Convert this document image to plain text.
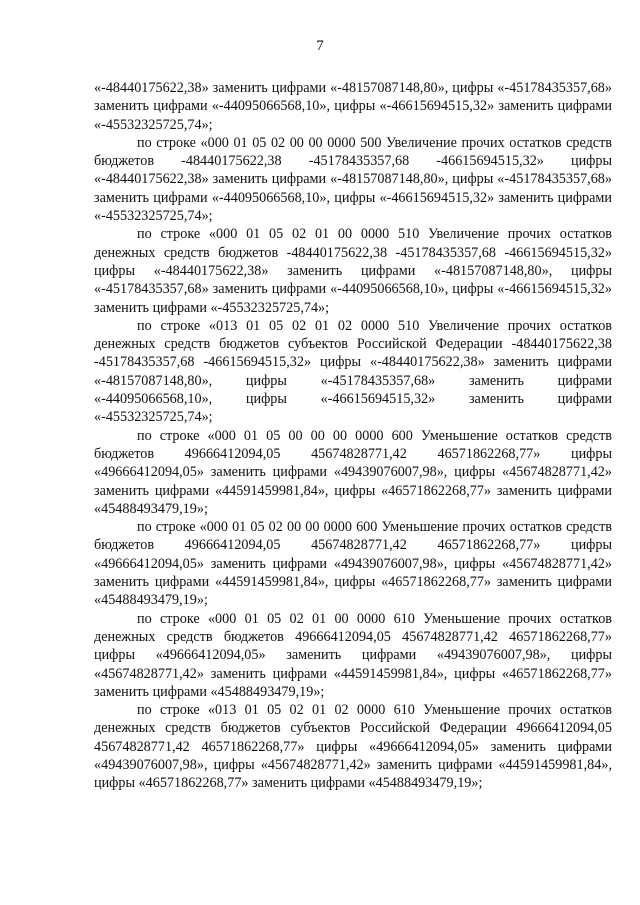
7

«-48440175622,38» заменить цифрами «-48157087148,80», цифры «-45178435357,68» заменить цифрами «-44095066568,10», цифры «-46615694515,32» заменить цифрами «-45532325725,74»;

по строке «000 01 05 02 00 00 0000 500 Увеличение прочих остатков средств бюджетов -48440175622,38 -45178435357,68 -46615694515,32» цифры «-48440175622,38» заменить цифрами «-48157087148,80», цифры «-45178435357,68» заменить цифрами «-44095066568,10», цифры «-46615694515,32» заменить цифрами «-45532325725,74»;

по строке «000 01 05 02 01 00 0000 510 Увеличение прочих остатков денежных средств бюджетов -48440175622,38 -45178435357,68 -46615694515,32» цифры «-48440175622,38» заменить цифрами «-48157087148,80», цифры «-45178435357,68» заменить цифрами «-44095066568,10», цифры «-46615694515,32» заменить цифрами «-45532325725,74»;

по строке «013 01 05 02 01 02 0000 510 Увеличение прочих остатков денежных средств бюджетов субъектов Российской Федерации -48440175622,38 -45178435357,68 -46615694515,32» цифры «-48440175622,38» заменить цифрами «-48157087148,80», цифры «-45178435357,68» заменить цифрами «-44095066568,10», цифры «-46615694515,32» заменить цифрами «-45532325725,74»;

по строке «000 01 05 00 00 00 0000 600 Уменьшение остатков средств бюджетов 49666412094,05 45674828771,42 46571862268,77» цифры «49666412094,05» заменить цифрами «49439076007,98», цифры «45674828771,42» заменить цифрами «44591459981,84», цифры «46571862268,77» заменить цифрами «45488493479,19»;

по строке «000 01 05 02 00 00 0000 600 Уменьшение прочих остатков средств бюджетов 49666412094,05 45674828771,42 46571862268,77» цифры «49666412094,05» заменить цифрами «49439076007,98», цифры «45674828771,42» заменить цифрами «44591459981,84», цифры «46571862268,77» заменить цифрами «45488493479,19»;

по строке «000 01 05 02 01 00 0000 610 Уменьшение прочих остатков денежных средств бюджетов 49666412094,05 45674828771,42 46571862268,77» цифры «49666412094,05» заменить цифрами «49439076007,98», цифры «45674828771,42» заменить цифрами «44591459981,84», цифры «46571862268,77» заменить цифрами «45488493479,19»;

по строке «013 01 05 02 01 02 0000 610 Уменьшение прочих остатков денежных средств бюджетов субъектов Российской Федерации 49666412094,05 45674828771,42 46571862268,77» цифры «49666412094,05» заменить цифрами «49439076007,98», цифры «45674828771,42» заменить цифрами «44591459981,84», цифры «46571862268,77» заменить цифрами «45488493479,19»;
